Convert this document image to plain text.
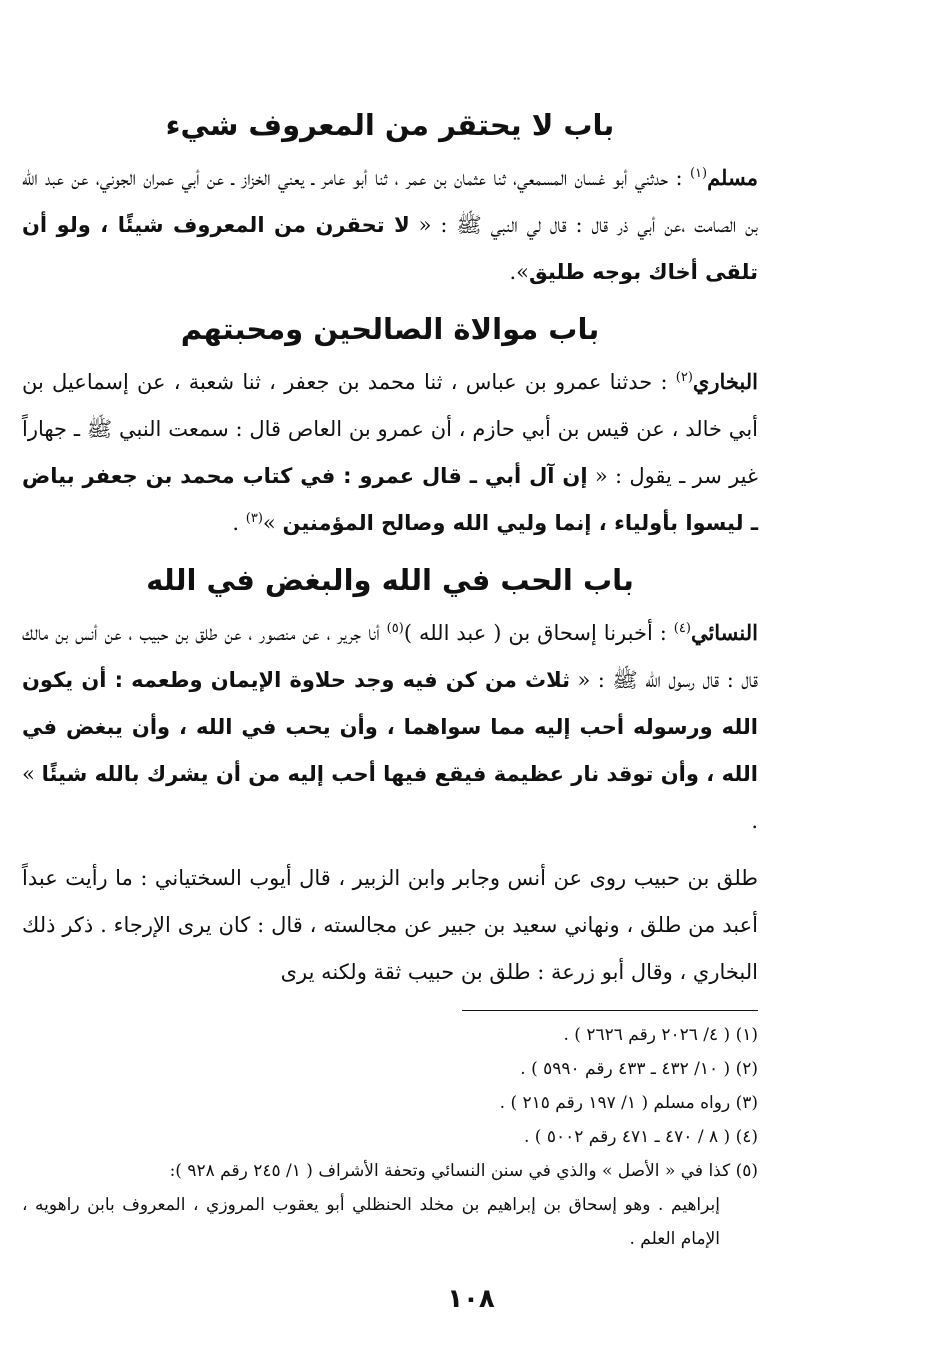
باب لا يحتقر من المعروف شيء

مسلم$^{(١)}$ : حدثني أبو غسان المسمعي، ثنا عثمان بن عمر ، ثنا أبو عامر ـ يعني الخزاز ـ عن أبي عمران الجوني، عن عبد الله بن الصامت ،عن أبي ذر قال : قال لي النبي ﷺ : « لا تحقرن من المعروف شيئًا ، ولو أن تلقى أخاك بوجه طليق».

باب موالاة الصالحين ومحبتهم

البخاري$^{(٢)}$ : حدثنا عمرو بن عباس ، ثنا محمد بن جعفر ، ثنا شعبة ، عن إسماعيل بن أبي خالد ، عن قيس بن أبي حازم ، أن عمرو بن العاص قال : سمعت النبي ﷺ ـ جهاراً غير سر ـ يقول : « إن آل أبي ـ قال عمرو : في كتاب محمد بن جعفر بياض ـ ليسوا بأولياء ، إنما وليي الله وصالح المؤمنين »$^{(٣)}$ .

باب الحب في الله والبغض في الله

النسائي$^{(٤)}$ : أخبرنا إسحاق بن ( عبد الله )$^{(٥)}$ أنا جرير ، عن منصور ، عن طلق بن حبيب ، عن أنس بن مالك قال : قال رسول الله ﷺ : « ثلاث من كن فيه وجد حلاوة الإيمان وطعمه : أن يكون الله ورسوله أحب إليه مما سواهما ، وأن يحب في الله ، وأن يبغض في الله ، وأن توقد نار عظيمة فيقع فيها أحب إليه من أن يشرك بالله شيئًا » .

طلق بن حبيب روى عن أنس وجابر وابن الزبير ، قال أيوب السختياني : ما رأيت عبداً أعبد من طلق ، ونهاني سعيد بن جبير عن مجالسته ، قال : كان يرى الإرجاء . ذكر ذلك البخاري ، وقال أبو زرعة : طلق بن حبيب ثقة ولكنه يرى

(١) ( ٤/ ٢٠٢٦ رقم ٢٦٢٦ ) .

(٢) ( ١٠/ ٤٣٢ ـ ٤٣٣ رقم ٥٩٩٠ ) .

(٣) رواه مسلم ( ١/ ١٩٧ رقم ٢١٥ ) .

(٤) ( ٨ / ٤٧٠ ـ ٤٧١ رقم ٥٠٠٢ ) .

(٥) كذا في « الأصل » والذي في سنن النسائي وتحفة الأشراف ( ١/ ٢٤٥ رقم ٩٢٨ ):

إبراهيم . وهو إسحاق بن إبراهيم بن مخلد الحنظلي أبو يعقوب المروزي ، المعروف بابن راهويه ، الإمام العلم .

١٠٨
